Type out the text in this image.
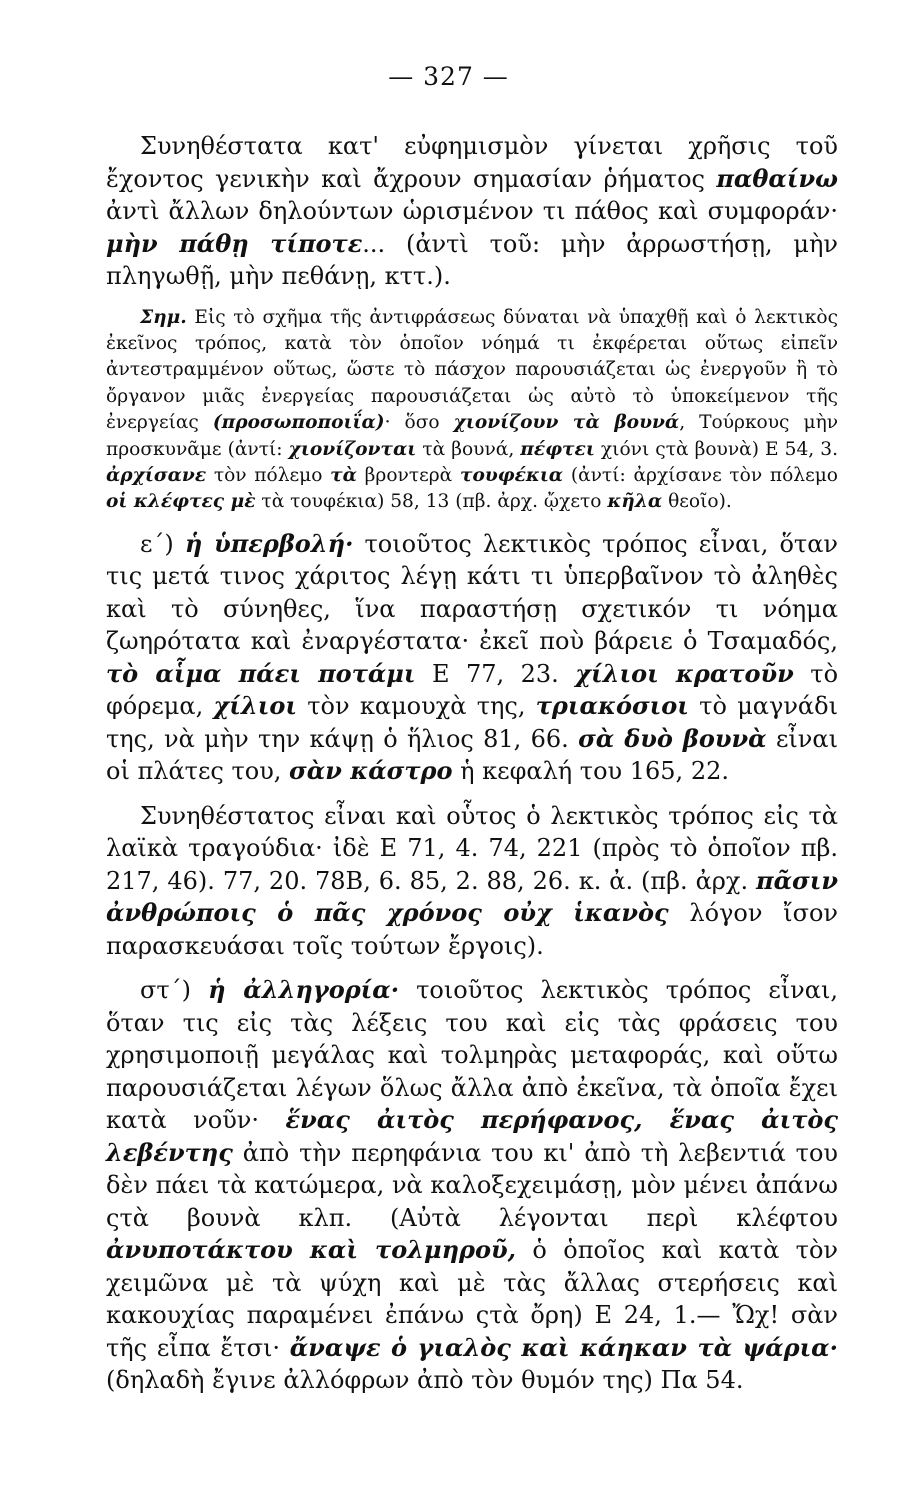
— 327 —

Συνηθέστατα κατ' εὐφημισμὸν γίνεται χρῆσις τοῦ ἔχοντος γενικὴν καὶ ἄχρουν σημασίαν ῥήματος παθαίνω ἀντὶ ἄλλων δηλούντων ὡρισμένον τι πάθος καὶ συμφοράν· μὴν πάθῃ τίποτε... (ἀντὶ τοῦ: μὴν ἀρρωστήσῃ, μὴν πληγωθῇ, μὴν πεθάνῃ, κττ.).

Σημ. Εἰς τὸ σχῆμα τῆς ἀντιφράσεως δύναται νὰ ὑπαχθῇ καὶ ὁ λεκτικὸς ἐκεῖνος τρόπος, κατὰ τὸν ὁποῖον νόημά τι ἐκφέρεται οὕτως εἰπεῖν ἀντεστραμμένον οὕτως, ὥστε τὸ πάσχον παρουσιάζεται ὡς ἐνεργοῦν ἢ τὸ ὄργανον μιᾶς ἐνεργείας παρουσιάζεται ὡς αὐτὸ τὸ ὑποκείμενον τῆς ἐνεργείας (προσωποποιΐα)· ὅσο χιονίζουν τὰ βουνά, Τούρκους μὴν προσκυνᾶμε (ἀντί: χιονίζονται τὰ βουνά, πέφτει χιόνι ςτὰ βουνὰ) Ε 54, 3. ἀρχίσανε τὸν πόλεμο τὰ βροντερὰ τουφέκια (ἀντί: ἀρχίσανε τὸν πόλεμο οἱ κλέφτες μὲ τὰ τουφέκια) 58, 13 (πβ. ἀρχ. ᾤχετο κῆλα θεοῖο).

ε΄) ἡ ὑπερβολή· τοιοῦτος λεκτικὸς τρόπος εἶναι, ὅταν τις μετά τινος χάριτος λέγῃ κάτι τι ὑπερβαῖνον τὸ ἀληθὲς καὶ τὸ σύνηθες, ἵνα παραστήσῃ σχετικόν τι νόημα ζωηρότατα καὶ ἐναργέστατα· ἐκεῖ ποὺ βάρειε ὁ Τσαμαδός, τὸ αἷμα πάει ποτάμι Ε 77, 23. χίλιοι κρατοῦν τὸ φόρεμα, χίλιοι τὸν καμουχὰ της, τριακόσιοι τὸ μαγνάδι της, νὰ μὴν την κάψῃ ὁ ἥλιος 81, 66. σὰ δυὸ βουνὰ εἶναι οἱ πλάτες του, σὰν κάστρο ἡ κεφαλή του 165, 22.

Συνηθέστατος εἶναι καὶ οὗτος ὁ λεκτικὸς τρόπος εἰς τὰ λαϊκὰ τραγούδια· ἰδὲ Ε 71, 4. 74, 221 (πρὸς τὸ ὁποῖον πβ. 217, 46). 77, 20. 78Β, 6. 85, 2. 88, 26. κ. ἀ. (πβ. ἀρχ. πᾶσιν ἀνθρώποις ὁ πᾶς χρόνος οὐχ ἱκανὸς λόγον ἴσον παρασκευάσαι τοῖς τούτων ἔργοις).

στ΄) ἡ ἀλληγορία· τοιοῦτος λεκτικὸς τρόπος εἶναι, ὅταν τις εἰς τὰς λέξεις του καὶ εἰς τὰς φράσεις του χρησιμοποιῇ μεγάλας καὶ τολμηρὰς μεταφοράς, καὶ οὕτω παρουσιάζεται λέγων ὅλως ἄλλα ἀπὸ ἐκεῖνα, τὰ ὁποῖα ἔχει κατὰ νοῦν· ἕνας ἀιτὸς περήφανος, ἕνας ἀιτὸς λεβέντης ἀπὸ τὴν περηφάνια του κι' ἀπὸ τὴ λεβεντιά του δὲν πάει τὰ κατώμερα, νὰ καλοξεχειμάσῃ, μὸν μένει ἀπάνω ςτὰ βουνὰ κλπ. (Αὐτὰ λέγονται περὶ κλέφτου ἀνυποτάκτου καὶ τολμηροῦ, ὁ ὁποῖος καὶ κατὰ τὸν χειμῶνα μὲ τὰ ψύχη καὶ μὲ τὰς ἄλλας στερήσεις καὶ κακουχίας παραμένει ἐπάνω ςτὰ ὄρη) Ε 24, 1.— Ὤχ! σὰν τῆς εἶπα ἔτσι· ἄναψε ὁ γιαλὸς καὶ κάηκαν τὰ ψάρια· (δηλαδὴ ἔγινε ἀλλόφρων ἀπὸ τὸν θυμόν της) Πα 54.
